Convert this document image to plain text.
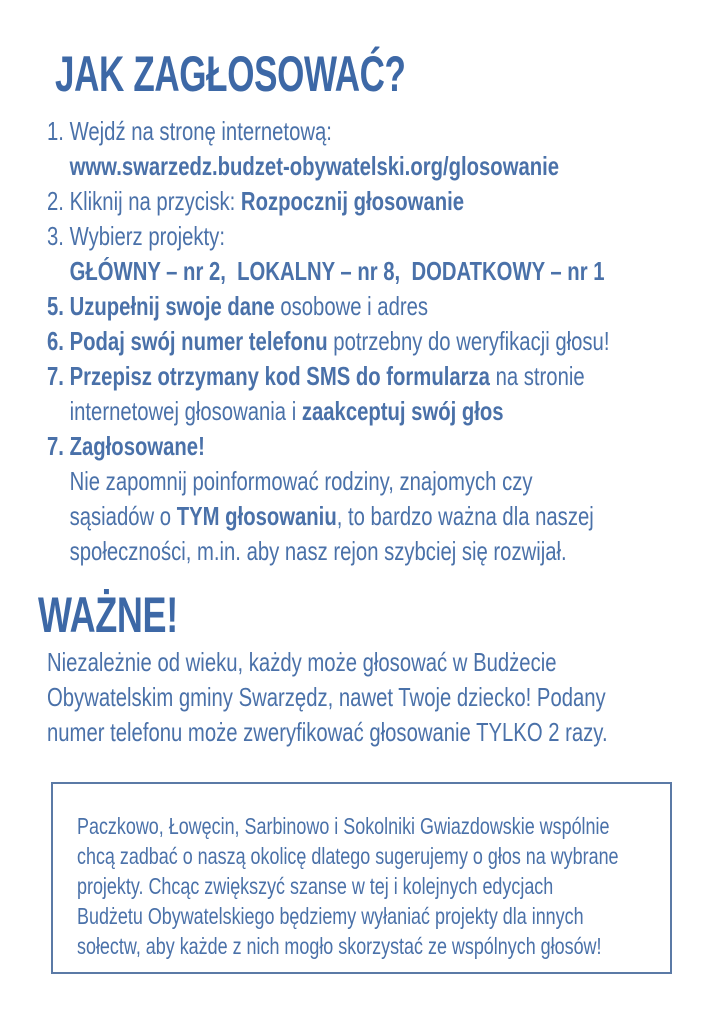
JAK ZAGŁOSOWAĆ?
1. Wejdź na stronę internetową:
www.swarzedz.budzet-obywatelski.org/glosowanie
2. Kliknij na przycisk: Rozpocznij głosowanie
3. Wybierz projekty:
GŁÓWNY – nr 2,  LOKALNY – nr 8,  DODATKOWY – nr 1
5. Uzupełnij swoje dane osobowe i adres
6. Podaj swój numer telefonu potrzebny do weryfikacji głosu!
7. Przepisz otrzymany kod SMS do formularza na stronie
internetowej głosowania i zaakceptuj swój głos
7. Zagłosowane!
Nie zapomnij poinformować rodziny, znajomych czy
sąsiadów o TYM głosowaniu, to bardzo ważna dla naszej
społeczności, m.in. aby nasz rejon szybciej się rozwijał.
WAŻNE!
Niezależnie od wieku, każdy może głosować w Budżecie
Obywatelskim gminy Swarzędz, nawet Twoje dziecko! Podany
numer telefonu może zweryfikować głosowanie TYLKO 2 razy.
Paczkowo, Łowęcin, Sarbinowo i Sokolniki Gwiazdowskie wspólnie
chcą zadbać o naszą okolicę dlatego sugerujemy o głos na wybrane
projekty. Chcąc zwiększyć szanse w tej i kolejnych edycjach
Budżetu Obywatelskiego będziemy wyłaniać projekty dla innych
sołectw, aby każde z nich mogło skorzystać ze wspólnych głosów!
